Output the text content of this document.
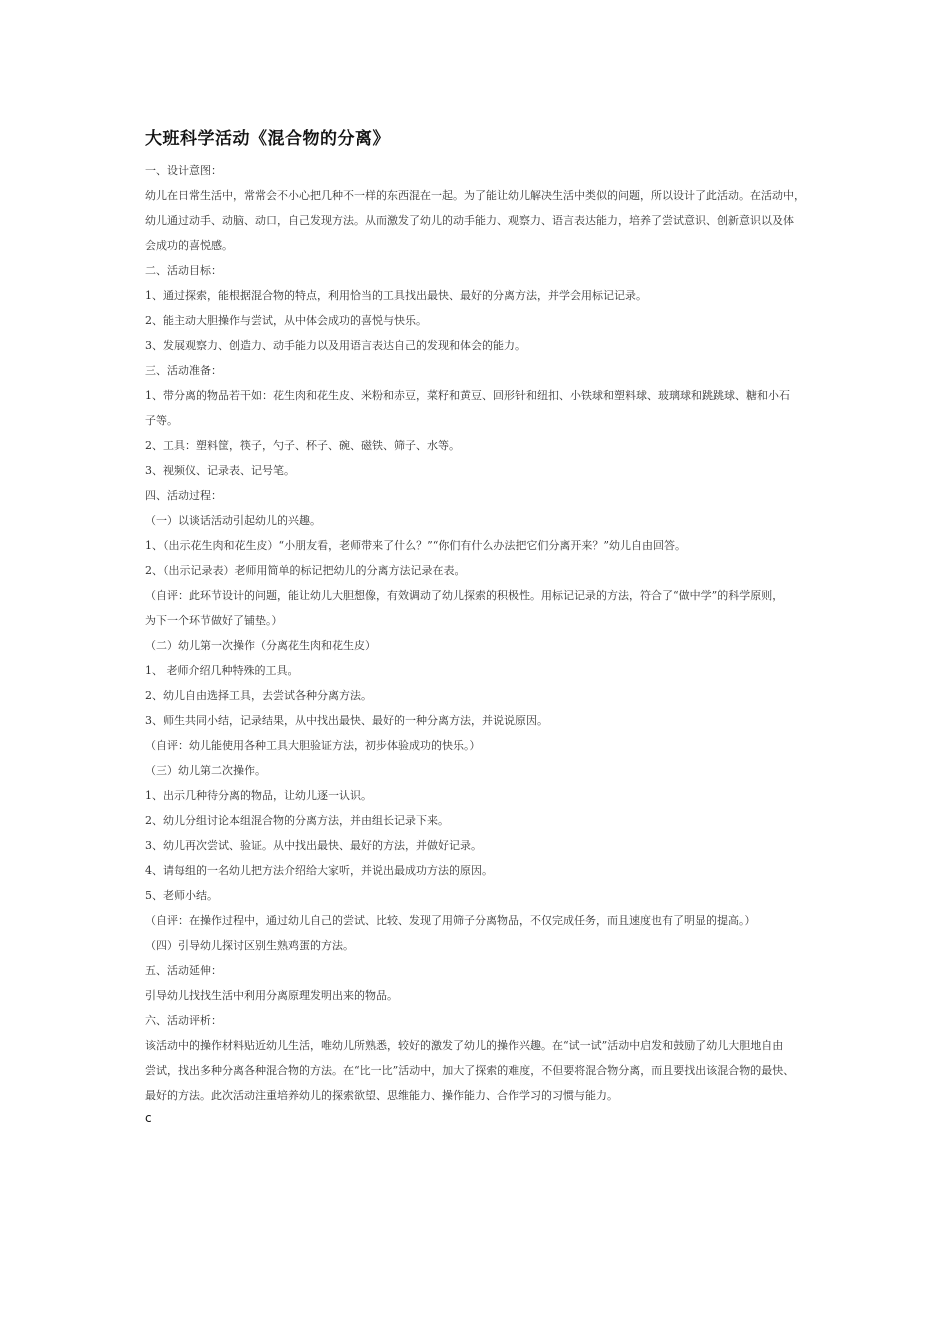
大班科学活动《混合物的分离》
一、设计意图：
幼儿在日常生活中，常常会不小心把几种不一样的东西混在一起。为了能让幼儿解决生活中类似的问题，所以设计了此活动。在活动中，
幼儿通过动手、动脑、动口，自己发现方法。从而激发了幼儿的动手能力、观察力、语言表达能力，培养了尝试意识、创新意识以及体
会成功的喜悦感。
二、活动目标：
1、通过探索，能根据混合物的特点，利用恰当的工具找出最快、最好的分离方法，并学会用标记记录。
2、能主动大胆操作与尝试，从中体会成功的喜悦与快乐。
3、发展观察力、创造力、动手能力以及用语言表达自己的发现和体会的能力。
三、活动准备：
1、带分离的物品若干如：花生肉和花生皮、米粉和赤豆，菜籽和黄豆、回形针和纽扣、小铁球和塑料球、玻璃球和跳跳球、糖和小石
子等。
2、工具：塑料筐，筷子，勺子、杯子、碗、磁铁、筛子、水等。
3、视频仪、记录表、记号笔。
四、活动过程：
（一）以谈话活动引起幼儿的兴趣。
1、（出示花生肉和花生皮）“小朋友看，老师带来了什么？”“你们有什么办法把它们分离开来？”幼儿自由回答。
2、（出示记录表）老师用简单的标记把幼儿的分离方法记录在表。
（自评：此环节设计的问题，能让幼儿大胆想像，有效调动了幼儿探索的积极性。用标记记录的方法，符合了“做中学”的科学原则，
为下一个环节做好了铺垫。）
（二）幼儿第一次操作（分离花生肉和花生皮）
1、 老师介绍几种特殊的工具。
2、幼儿自由选择工具，去尝试各种分离方法。
3、师生共同小结，记录结果，从中找出最快、最好的一种分离方法，并说说原因。
（自评：幼儿能使用各种工具大胆验证方法，初步体验成功的快乐。）
（三）幼儿第二次操作。
1、出示几种待分离的物品，让幼儿逐一认识。
2、幼儿分组讨论本组混合物的分离方法，并由组长记录下来。
3、幼儿再次尝试、验证。从中找出最快、最好的方法，并做好记录。
4、请每组的一名幼儿把方法介绍给大家听，并说出最成功方法的原因。
5、老师小结。
（自评：在操作过程中，通过幼儿自己的尝试、比较、发现了用筛子分离物品，不仅完成任务，而且速度也有了明显的提高。）
（四）引导幼儿探讨区别生熟鸡蛋的方法。
五、活动延伸：
引导幼儿找找生活中利用分离原理发明出来的物品。
六、活动评析：
该活动中的操作材料贴近幼儿生活，唯幼儿所熟悉，较好的激发了幼儿的操作兴趣。在“试一试”活动中启发和鼓励了幼儿大胆地自由
尝试，找出多种分离各种混合物的方法。在“比一比”活动中，加大了探索的难度，不但要将混合物分离，而且要找出该混合物的最快、
最好的方法。此次活动注重培养幼儿的探索欲望、思维能力、操作能力、合作学习的习惯与能力。
c
